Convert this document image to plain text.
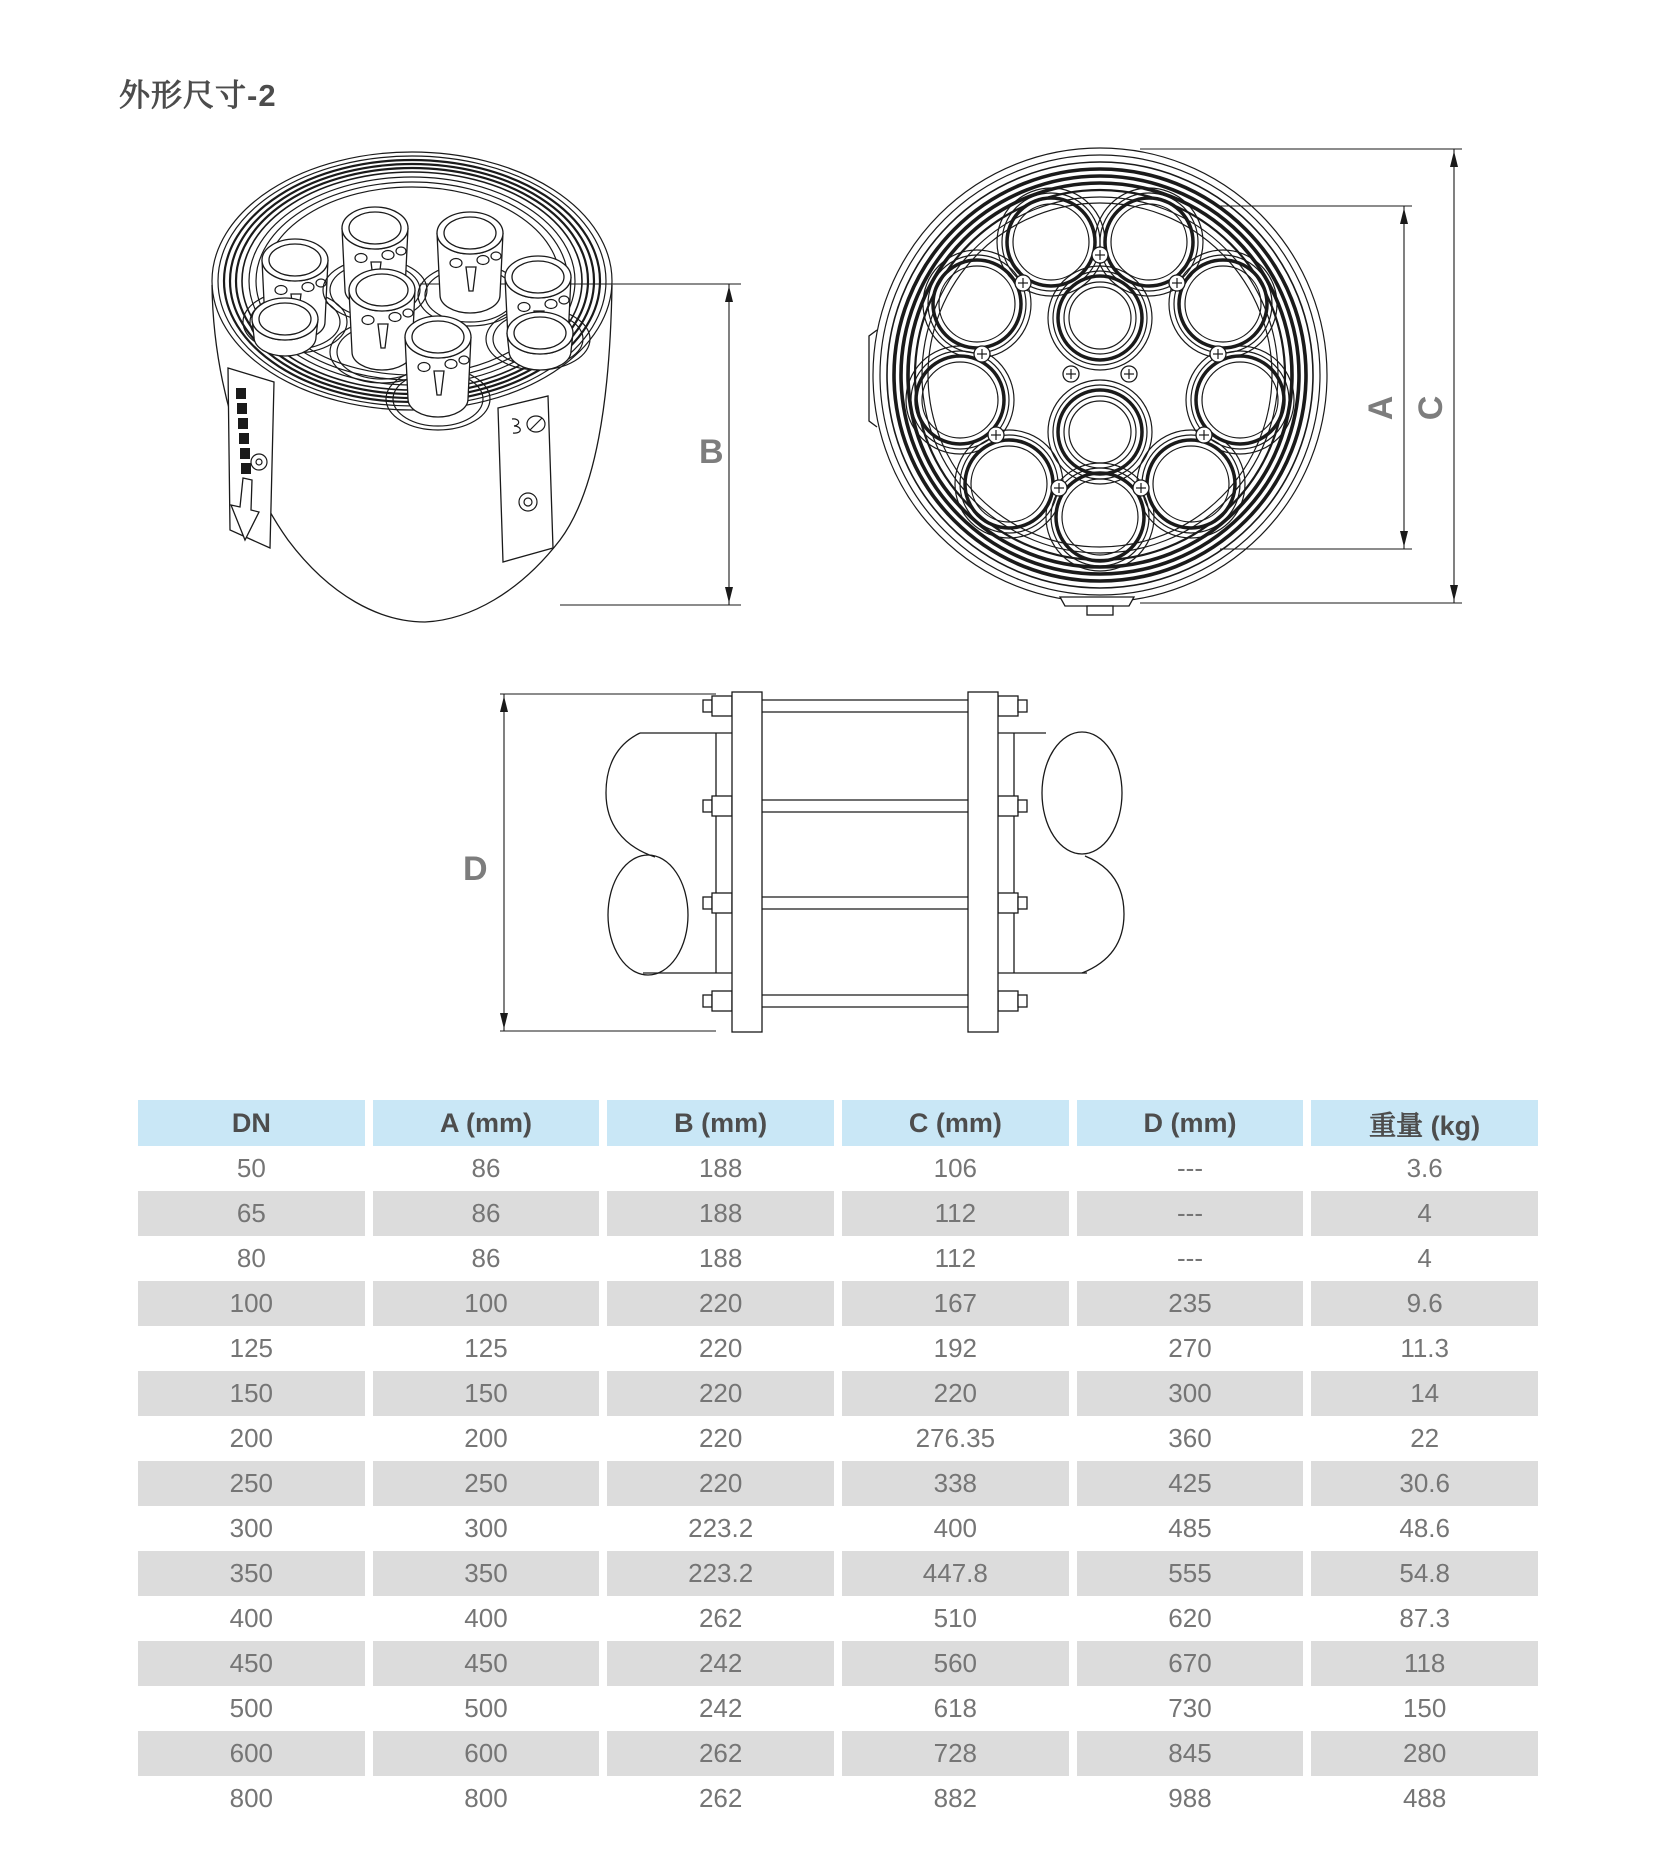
外形尺寸-2
B
A C
D
DN	A (mm)	B (mm)	C (mm)	D (mm)	重量 (kg)
50	86	188	106	---	3.6
65	86	188	112	---	4
80	86	188	112	---	4
100	100	220	167	235	9.6
125	125	220	192	270	11.3
150	150	220	220	300	14
200	200	220	276.35	360	22
250	250	220	338	425	30.6
300	300	223.2	400	485	48.6
350	350	223.2	447.8	555	54.8
400	400	262	510	620	87.3
450	450	242	560	670	118
500	500	242	618	730	150
600	600	262	728	845	280
800	800	262	882	988	488
